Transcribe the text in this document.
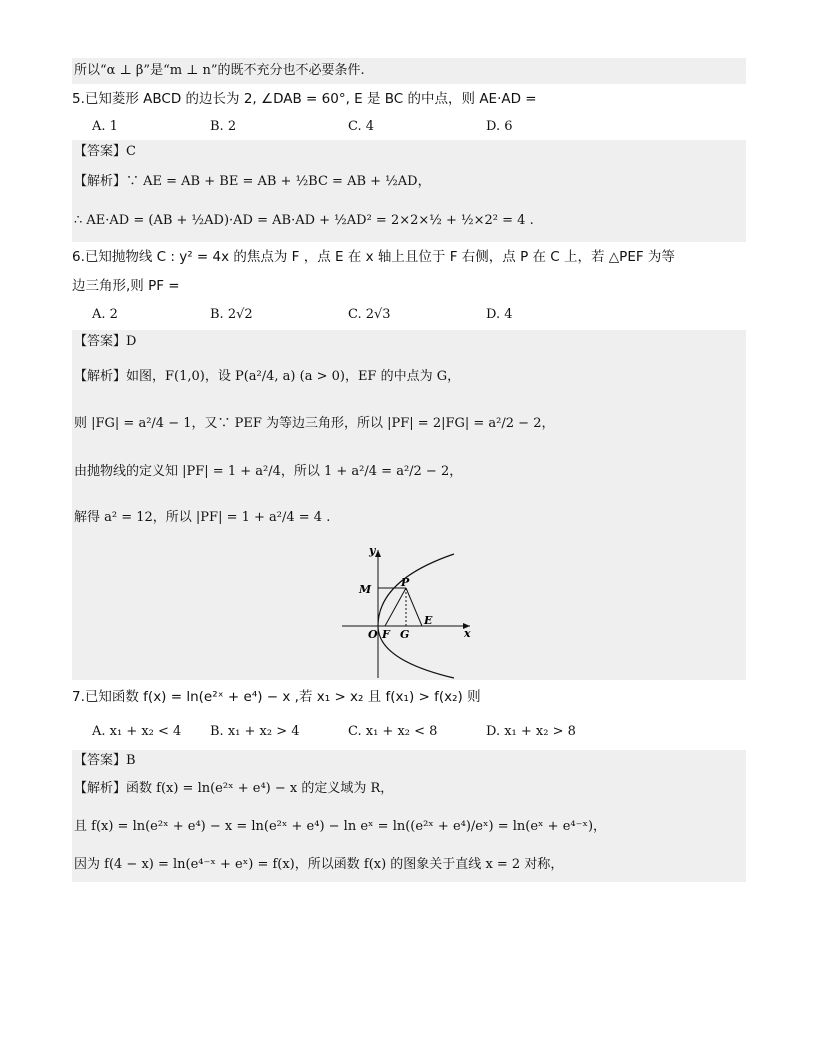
所以“α ⊥ β”是“m ⊥ n”的既不充分也不必要条件.
5.已知菱形 ABCD 的边长为 2, ∠DAB = 60°, E 是 BC 的中点，则 AE·AD =
A. 1	B. 2	C. 4	D. 6
【答案】C
【解析】∵ AE = AB + BE = AB + ½BC = AB + ½AD，
∴ AE·AD = (AB + ½AD)·AD = AB·AD + ½AD² = 2×2×½ + ½×2² = 4 .
6.已知抛物线 C : y² = 4x 的焦点为 F ，点 E 在 x 轴上且位于 F 右侧，点 P 在 C 上，若 △PEF 为等
边三角形,则 PF =
A. 2	B. 2√2	C. 2√3	D. 4
【答案】D
【解析】如图，F(1,0)，设 P(a²/4, a) (a > 0)，EF 的中点为 G，
则 |FG| = a²/4 − 1，又∵ PEF 为等边三角形，所以 |PF| = 2|FG| = a²/2 − 2，
由抛物线的定义知 |PF| = 1 + a²/4，所以 1 + a²/4 = a²/2 − 2，
解得 a² = 12，所以 |PF| = 1 + a²/4 = 4 .
y
x
M
P
E
O F G
7.已知函数 f(x) = ln(e²ˣ + e⁴) − x ,若 x₁ > x₂ 且 f(x₁) > f(x₂) 则
A. x₁ + x₂ < 4 B. x₁ + x₂ > 4	C. x₁ + x₂ < 8	D. x₁ + x₂ > 8
【答案】B
【解析】函数 f(x) = ln(e²ˣ + e⁴) − x 的定义域为 R，
且 f(x) = ln(e²ˣ + e⁴) − x = ln(e²ˣ + e⁴) − ln eˣ = ln((e²ˣ + e⁴)/eˣ) = ln(eˣ + e⁴⁻ˣ)，
因为 f(4 − x) = ln(e⁴⁻ˣ + eˣ) = f(x)，所以函数 f(x) 的图象关于直线 x = 2 对称，
